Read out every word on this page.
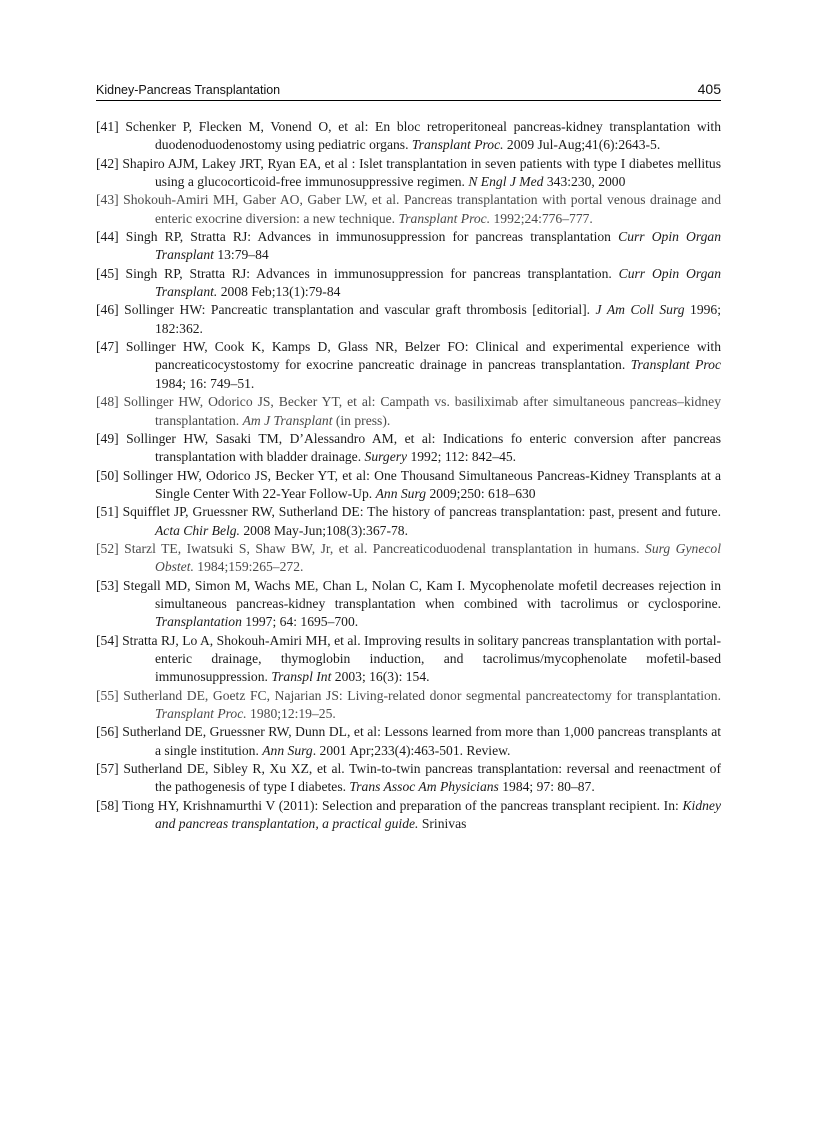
Kidney-Pancreas Transplantation	405
[41] Schenker P, Flecken M, Vonend O, et al: En bloc retroperitoneal pancreas-kidney transplantation with duodenoduodenostomy using pediatric organs. Transplant Proc. 2009 Jul-Aug;41(6):2643-5.
[42] Shapiro AJM, Lakey JRT, Ryan EA, et al : Islet transplantation in seven patients with type I diabetes mellitus using a glucocorticoid-free immunosuppressive regimen. N Engl J Med 343:230, 2000
[43] Shokouh-Amiri MH, Gaber AO, Gaber LW, et al. Pancreas transplantation with portal venous drainage and enteric exocrine diversion: a new technique. Transplant Proc. 1992;24:776–777.
[44] Singh RP, Stratta RJ: Advances in immunosuppression for pancreas transplantation Curr Opin Organ Transplant 13:79–84
[45] Singh RP, Stratta RJ: Advances in immunosuppression for pancreas transplantation. Curr Opin Organ Transplant. 2008 Feb;13(1):79-84
[46] Sollinger HW: Pancreatic transplantation and vascular graft thrombosis [editorial]. J Am Coll Surg 1996; 182:362.
[47] Sollinger HW, Cook K, Kamps D, Glass NR, Belzer FO: Clinical and experimental experience with pancreaticocystostomy for exocrine pancreatic drainage in pancreas transplantation. Transplant Proc 1984; 16: 749–51.
[48] Sollinger HW, Odorico JS, Becker YT, et al: Campath vs. basiliximab after simultaneous pancreas–kidney transplantation. Am J Transplant (in press).
[49] Sollinger HW, Sasaki TM, D’Alessandro AM, et al: Indications fo enteric conversion after pancreas transplantation with bladder drainage. Surgery 1992; 112: 842–45.
[50] Sollinger HW, Odorico JS, Becker YT, et al: One Thousand Simultaneous Pancreas-Kidney Transplants at a Single Center With 22-Year Follow-Up. Ann Surg 2009;250: 618–630
[51] Squifflet JP, Gruessner RW, Sutherland DE: The history of pancreas transplantation: past, present and future. Acta Chir Belg. 2008 May-Jun;108(3):367-78.
[52] Starzl TE, Iwatsuki S, Shaw BW, Jr, et al. Pancreaticoduodenal transplantation in humans. Surg Gynecol Obstet. 1984;159:265–272.
[53] Stegall MD, Simon M, Wachs ME, Chan L, Nolan C, Kam I. Mycophenolate mofetil decreases rejection in simultaneous pancreas-kidney transplantation when combined with tacrolimus or cyclosporine. Transplantation 1997; 64: 1695–700.
[54] Stratta RJ, Lo A, Shokouh-Amiri MH, et al. Improving results in solitary pancreas transplantation with portal-enteric drainage, thymoglobin induction, and tacrolimus/mycophenolate mofetil-based immunosuppression. Transpl Int 2003; 16(3): 154.
[55] Sutherland DE, Goetz FC, Najarian JS: Living-related donor segmental pancreatectomy for transplantation. Transplant Proc. 1980;12:19–25.
[56] Sutherland DE, Gruessner RW, Dunn DL, et al: Lessons learned from more than 1,000 pancreas transplants at a single institution. Ann Surg. 2001 Apr;233(4):463-501. Review.
[57] Sutherland DE, Sibley R, Xu XZ, et al. Twin-to-twin pancreas transplantation: reversal and reenactment of the pathogenesis of type I diabetes. Trans Assoc Am Physicians 1984; 97: 80–87.
[58] Tiong HY, Krishnamurthi V (2011): Selection and preparation of the pancreas transplant recipient. In: Kidney and pancreas transplantation, a practical guide. Srinivas
